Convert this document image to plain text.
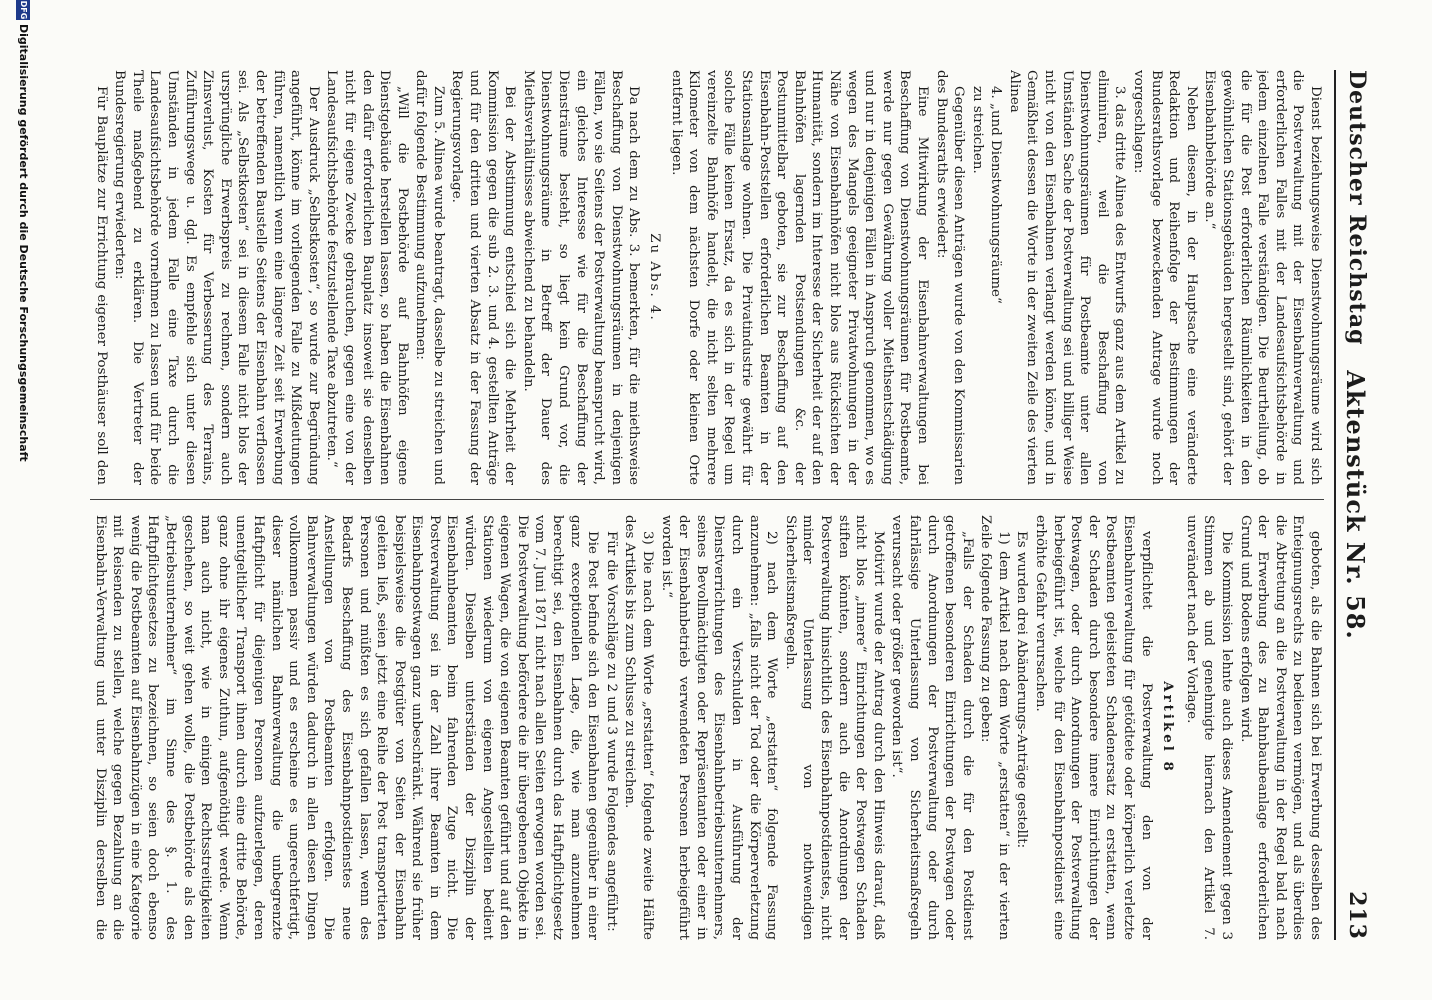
Deutscher Reichstag
Aktenstück Nr. 58.
213

Dienst beziehungsweise Dienstwohnungsräume wird sich die Postverwaltung mit der Eisenbahnverwaltung und erforderlichen Falles mit der Landesaufsichtsbehörde in jedem einzelnen Falle verständigen. Die Beurtheilung, ob die für die Post erforderlichen Räumlichkeiten in den gewöhnlichen Stationsgebäuden hergestellt sind, gehört der Eisenbahnbehörde an.“

Neben diesem, in der Hauptsache eine veränderte Redaktion und Reihenfolge der Bestimmungen der Bundesrathsvorlage bezweckenden Antrage wurde noch vorgeschlagen:

3. das dritte Alinea des Entwurfs ganz aus dem Artikel zu eliminiren, weil die Beschaffung von Dienstwohnungsräumen für Postbeamte unter allen Umständen Sache der Postverwaltung sei und billiger Weise nicht von den Eisenbahnen verlangt werden könne, und in Gemäßheit dessen die Worte in der zweiten Zeile des vierten Alinea

4. „und Dienstwohnungsräume“

zu streichen.

Gegenüber diesen Anträgen wurde von den Kommissarien des Bundesraths erwiedert:

Eine Mitwirkung der Eisenbahnverwaltungen bei Beschaffung von Dienstwohnungsräumen für Postbeamte, werde nur gegen Gewährung voller Miethsentschädigung und nur in denjenigen Fällen in Anspruch genommen, wo es wegen des Mangels geeigneter Privatwohnungen in der Nähe von Eisenbahnhöfen nicht blos aus Rücksichten der Humanität, sondern im Interesse der Sicherheit der auf den Bahnhöfen lagernden Postsendungen &c. der Postunmittelbar geboten, sie zur Beschaffung auf den Eisenbahn-Poststellen erforderlichen Beamten in der Stationsanlage wohnen. Die Privatindustrie gewährt für solche Fälle keinen Ersatz, da es sich in der Regel um vereinzelte Bahnhöfe handelt, die nicht selten mehrere Kilometer von dem nächsten Dorfe oder kleinen Orte entfernt liegen.

Zu Abs. 4.

Da nach dem zu Abs. 3. bemerkten, für die miethsweise Beschaffung von Dienstwohnungsräumen in denjenigen Fällen, wo sie Seitens der Postverwaltung beansprucht wird, ein gleiches Interesse wie für die Beschaffung der Diensträume besteht, so liegt kein Grund vor, die Dienstwohnungsräume in Betreff der Dauer des Miethsverhältnisses abweichend zu behandeln.

Bei der Abstimmung entschied sich die Mehrheit der Kommission gegen die sub 2. 3. und 4. gestellten Anträge und für den dritten und vierten Absatz in der Fassung der Regierungsvorlage.

Zum 5. Alinea wurde beantragt, dasselbe zu streichen und dafür folgende Bestimmung aufzunehmen:

„Will die Postbehörde auf Bahnhöfen eigene Dienstgebäude herstellen lassen, so haben die Eisenbahnen den dafür erforderlichen Bauplatz insoweit sie denselben nicht für eigene Zwecke gebrauchen, gegen eine von der Landesaufsichtsbehörde festzustellende Taxe abzutreten.“

Der Ausdruck „Selbstkosten“, so wurde zur Begründung angeführt, könne im vorliegenden Falle zu Mißdeutungen führen, namentlich wenn eine längere Zeit seit Erwerbung der betreffenden Baustelle Seitens der Eisenbahn verflossen sei. Als „Selbstkosten“ sei in diesem Falle nicht blos der ursprüngliche Erwerbspreis zu rechnen, sondern auch Zinsverlust, Kosten für Verbesserung des Terrains, Zuführungswege u. dgl. Es empfehle sich unter diesen Umständen in jedem Falle eine Taxe durch die Landesaufsichtsbehörde vornehmen zu lassen und für beide Theile maßgebend zu erklären. Die Vertreter der Bundesregierung erwiederten:

Für Bauplätze zur Errichtung eigener Posthäuser soll den

geboten, als die Bahnen sich bei Erwerbung desselben des Enteignungsrechts zu bedienen vermögen, und als überdies die Abtretung an die Postverwaltung in der Regel bald nach der Erwerbung des zu Bahnbaubeanlage erforderlichen Grund und Bodens erfolgen wird.

Die Kommission lehnte auch dieses Amendement gegen 3 Stimmen ab und genehmigte hiernach den Artikel 7. unverändert nach der Vorlage.

Artikel 8

verpflichtet die Postverwaltung den von der Eisenbahnverwaltung für getödtete oder körperlich verletzte Postbeamten geleisteten Schadenersatz zu erstatten, wenn der Schaden durch besondere innere Einrichtungen der Postwagen, oder durch Anordnungen der Postverwaltung herbeigeführt ist, welche für den Eisenbahnpostdienst eine erhöhte Gefahr verursachen.

Es wurden drei Abänderungs-Anträge gestellt:

1) dem Artikel nach dem Worte „erstatten“ in der vierten Zeile folgende Fassung zu geben:

„Falls der Schaden durch die für den Postdienst getroffenen besonderen Einrichtungen der Postwagen oder durch Anordnungen der Postverwaltung oder durch fahrlässige Unterlassung von Sicherheitsmaßregeln verursacht oder größer geworden ist“.

Motivirt wurde der Antrag durch den Hinweis darauf, daß nicht blos „innere“ Einrichtungen der Postwagen Schaden stiften könnten, sondern auch die Anordnungen der Postverwaltung hinsichtlich des Eisenbahnpostdienstes, nicht minder Unterlassung von nothwendigen Sicherheitsmaßregeln.

2) nach dem Worte „erstatten“ folgende Fassung anzunehmen: „falls nicht der Tod oder die Körperverletzung durch ein Verschulden in Ausführung der Dienstverrichtungen des Eisenbahnbetriebsunternehmers, seines Bevollmächtigten oder Repräsentanten oder einer in der Eisenbahnbetrieb verwendeten Personen herbeigeführt worden ist.“

3) Die nach dem Worte „erstatten“ folgende zweite Hälfte des Artikels bis zum Schlusse zu streichen.

Für die Vorschläge zu 2 und 3 wurde Folgendes angeführt:

Die Post befinde sich den Eisenbahnen gegenüber in einer ganz exceptionellen Lage, die, wie man anzunehmen berechtigt sei, den Eisenbahnen durch das Haftpflichtgesetz vom 7. Juni 1871 nicht nach allen Seiten erwogen worden sei. Die Postverwaltung befördere die ihr übergebenen Objekte in eigenen Wagen, die von eigenen Beamten geführt und auf den Stationen wiederum von eigenen Angestellten bedient würden. Dieselben unterständen der Disziplin der Eisenbahnbeamten beim fahrenden Zuge nicht. Die Postverwaltung sei in der Zahl ihrer Beamten in dem Eisenbahnpostwagen ganz unbeschränkt. Während sie früher beispielsweise die Postgüter von Seiten der Eisenbahn geleiten ließ, seien jetzt eine Reihe der Post transportierten Personen und müßten es sich gefallen lassen, wenn des Bedarfs Beschaffung des Eisenbahnpostdienstes neue Anstellungen von Postbeamten erfolgen. Die Bahnverwaltungen würden dadurch in allen diesen Dingen vollkommen passiv und es erscheine es ungerechtfertigt, dieser nämlichen Bahnverwaltung die unbegrenzte Haftpflicht für diejenigen Personen aufzuerlegen, deren unentgeltlicher Transport ihnen durch eine dritte Behörde, ganz ohne ihr eigenes Zuthun, aufgenöthigt werde. Wenn man auch nicht, wie in einigen Rechtsstreitigkeiten geschehen, so weit gehen wolle, die Postbehörde als den „Betriebsunternehmer“ im Sinne des §. 1. des Haftpflichtgesetzes zu bezeichnen, so seien doch ebenso wenig die Postbeamten auf Eisenbahnzügen in eine Kategorie mit Reisenden zu stellen, welche gegen Bezahlung an die Eisenbahn-Verwaltung und unter Disziplin derselben die

DFG
Digitalisierung gefördert durch die Deutsche Forschungsgemeinschaft
